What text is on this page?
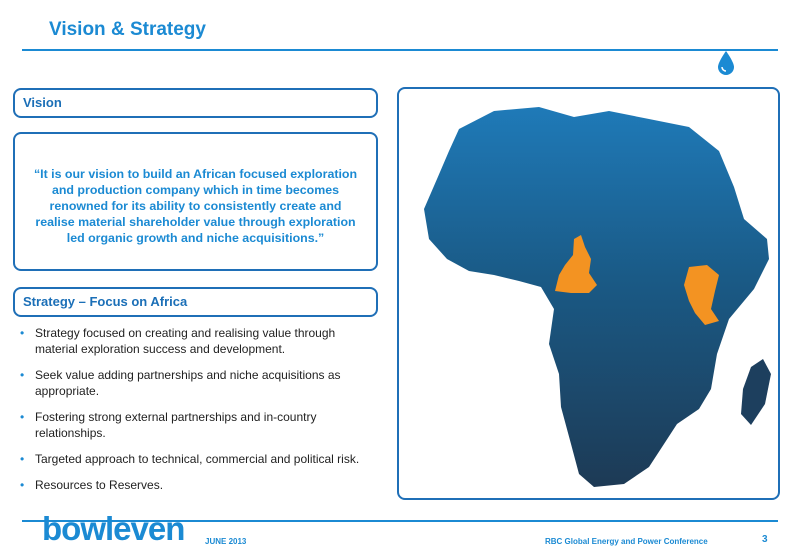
Vision & Strategy
Vision
“It is our vision to build an African focused exploration and production company which in time becomes renowned for its ability to consistently create and realise material shareholder value through exploration led organic growth and niche acquisitions.”
Strategy – Focus on Africa
• Strategy focused on creating and realising value through material exploration success and development.
• Seek value adding partnerships and niche acquisitions as appropriate.
• Fostering strong external partnerships and in-country relationships.
• Targeted approach to technical, commercial and political risk.
• Resources to Reserves.
bowleven	JUNE 2013	RBC Global Energy and Power Conference	3
